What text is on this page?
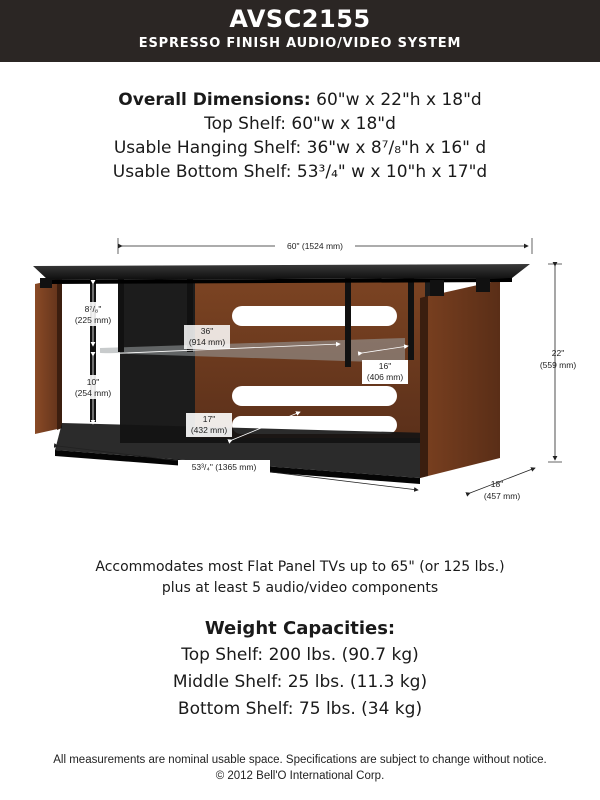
AVSC2155
ESPRESSO FINISH AUDIO/VIDEO SYSTEM
Overall Dimensions: 60"w x 22"h x 18"d
Top Shelf: 60"w x 18"d
Usable Hanging Shelf: 36"w x 8⁷/₈"h x 16" d
Usable Bottom Shelf: 53³/₄" w x 10"h x 17"d
60" (1524 mm)
22"
(559 mm)
18"
(457 mm)
53³/₄" (1365 mm)
8⁷/₈"
(225 mm)
10"
(254 mm)
36"
(914 mm)
16"
(406 mm)
17"
(432 mm)
Accommodates most Flat Panel TVs up to 65" (or 125 lbs.)
plus at least 5 audio/video components
Weight Capacities:
Top Shelf: 200 lbs. (90.7 kg)
Middle Shelf: 25 lbs. (11.3 kg)
Bottom Shelf: 75 lbs. (34 kg)
All measurements are nominal usable space. Specifications are subject to change without notice.
© 2012 Bell'O International Corp.
